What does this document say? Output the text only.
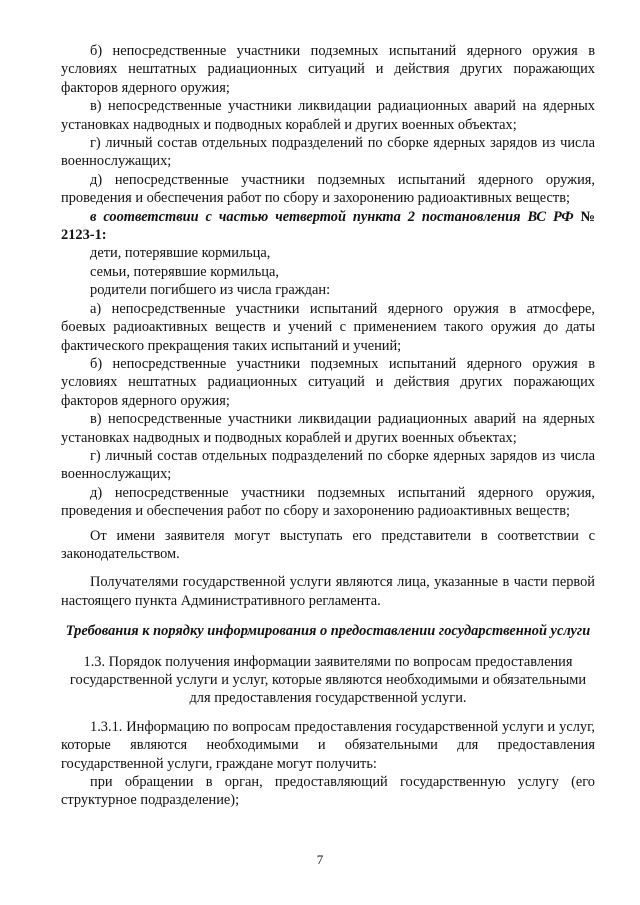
б) непосредственные участники подземных испытаний ядерного оружия в условиях нештатных радиационных ситуаций и действия других поражающих факторов ядерного оружия;

в) непосредственные участники ликвидации радиационных аварий на ядерных установках надводных и подводных кораблей и других военных объектах;

г) личный состав отдельных подразделений по сборке ядерных зарядов из числа военнослужащих;

д) непосредственные участники подземных испытаний ядерного оружия, проведения и обеспечения работ по сбору и захоронению радиоактивных веществ;

в соответствии с частью четвертой пункта 2 постановления ВС РФ № 2123-1:

дети, потерявшие кормильца,

семьи, потерявшие кормильца,

родители погибшего из числа граждан:

а) непосредственные участники испытаний ядерного оружия в атмосфере, боевых радиоактивных веществ и учений с применением такого оружия до даты фактического прекращения таких испытаний и учений;

б) непосредственные участники подземных испытаний ядерного оружия в условиях нештатных радиационных ситуаций и действия других поражающих факторов ядерного оружия;

в) непосредственные участники ликвидации радиационных аварий на ядерных установках надводных и подводных кораблей и других военных объектах;

г) личный состав отдельных подразделений по сборке ядерных зарядов из числа военнослужащих;

д) непосредственные участники подземных испытаний ядерного оружия, проведения и обеспечения работ по сбору и захоронению радиоактивных веществ;

От имени заявителя могут выступать его представители в соответствии с законодательством.

Получателями государственной услуги являются лица, указанные в части первой настоящего пункта Административного регламента.

Требования к порядку информирования о предоставлении государственной услуги

1.3. Порядок получения информации заявителями по вопросам предоставления государственной услуги и услуг, которые являются необходимыми и обязательными для предоставления государственной услуги.

1.3.1. Информацию по вопросам предоставления государственной услуги и услуг, которые являются необходимыми и обязательными для предоставления государственной услуги, граждане могут получить:

при обращении в орган, предоставляющий государственную услугу (его структурное подразделение);

7
